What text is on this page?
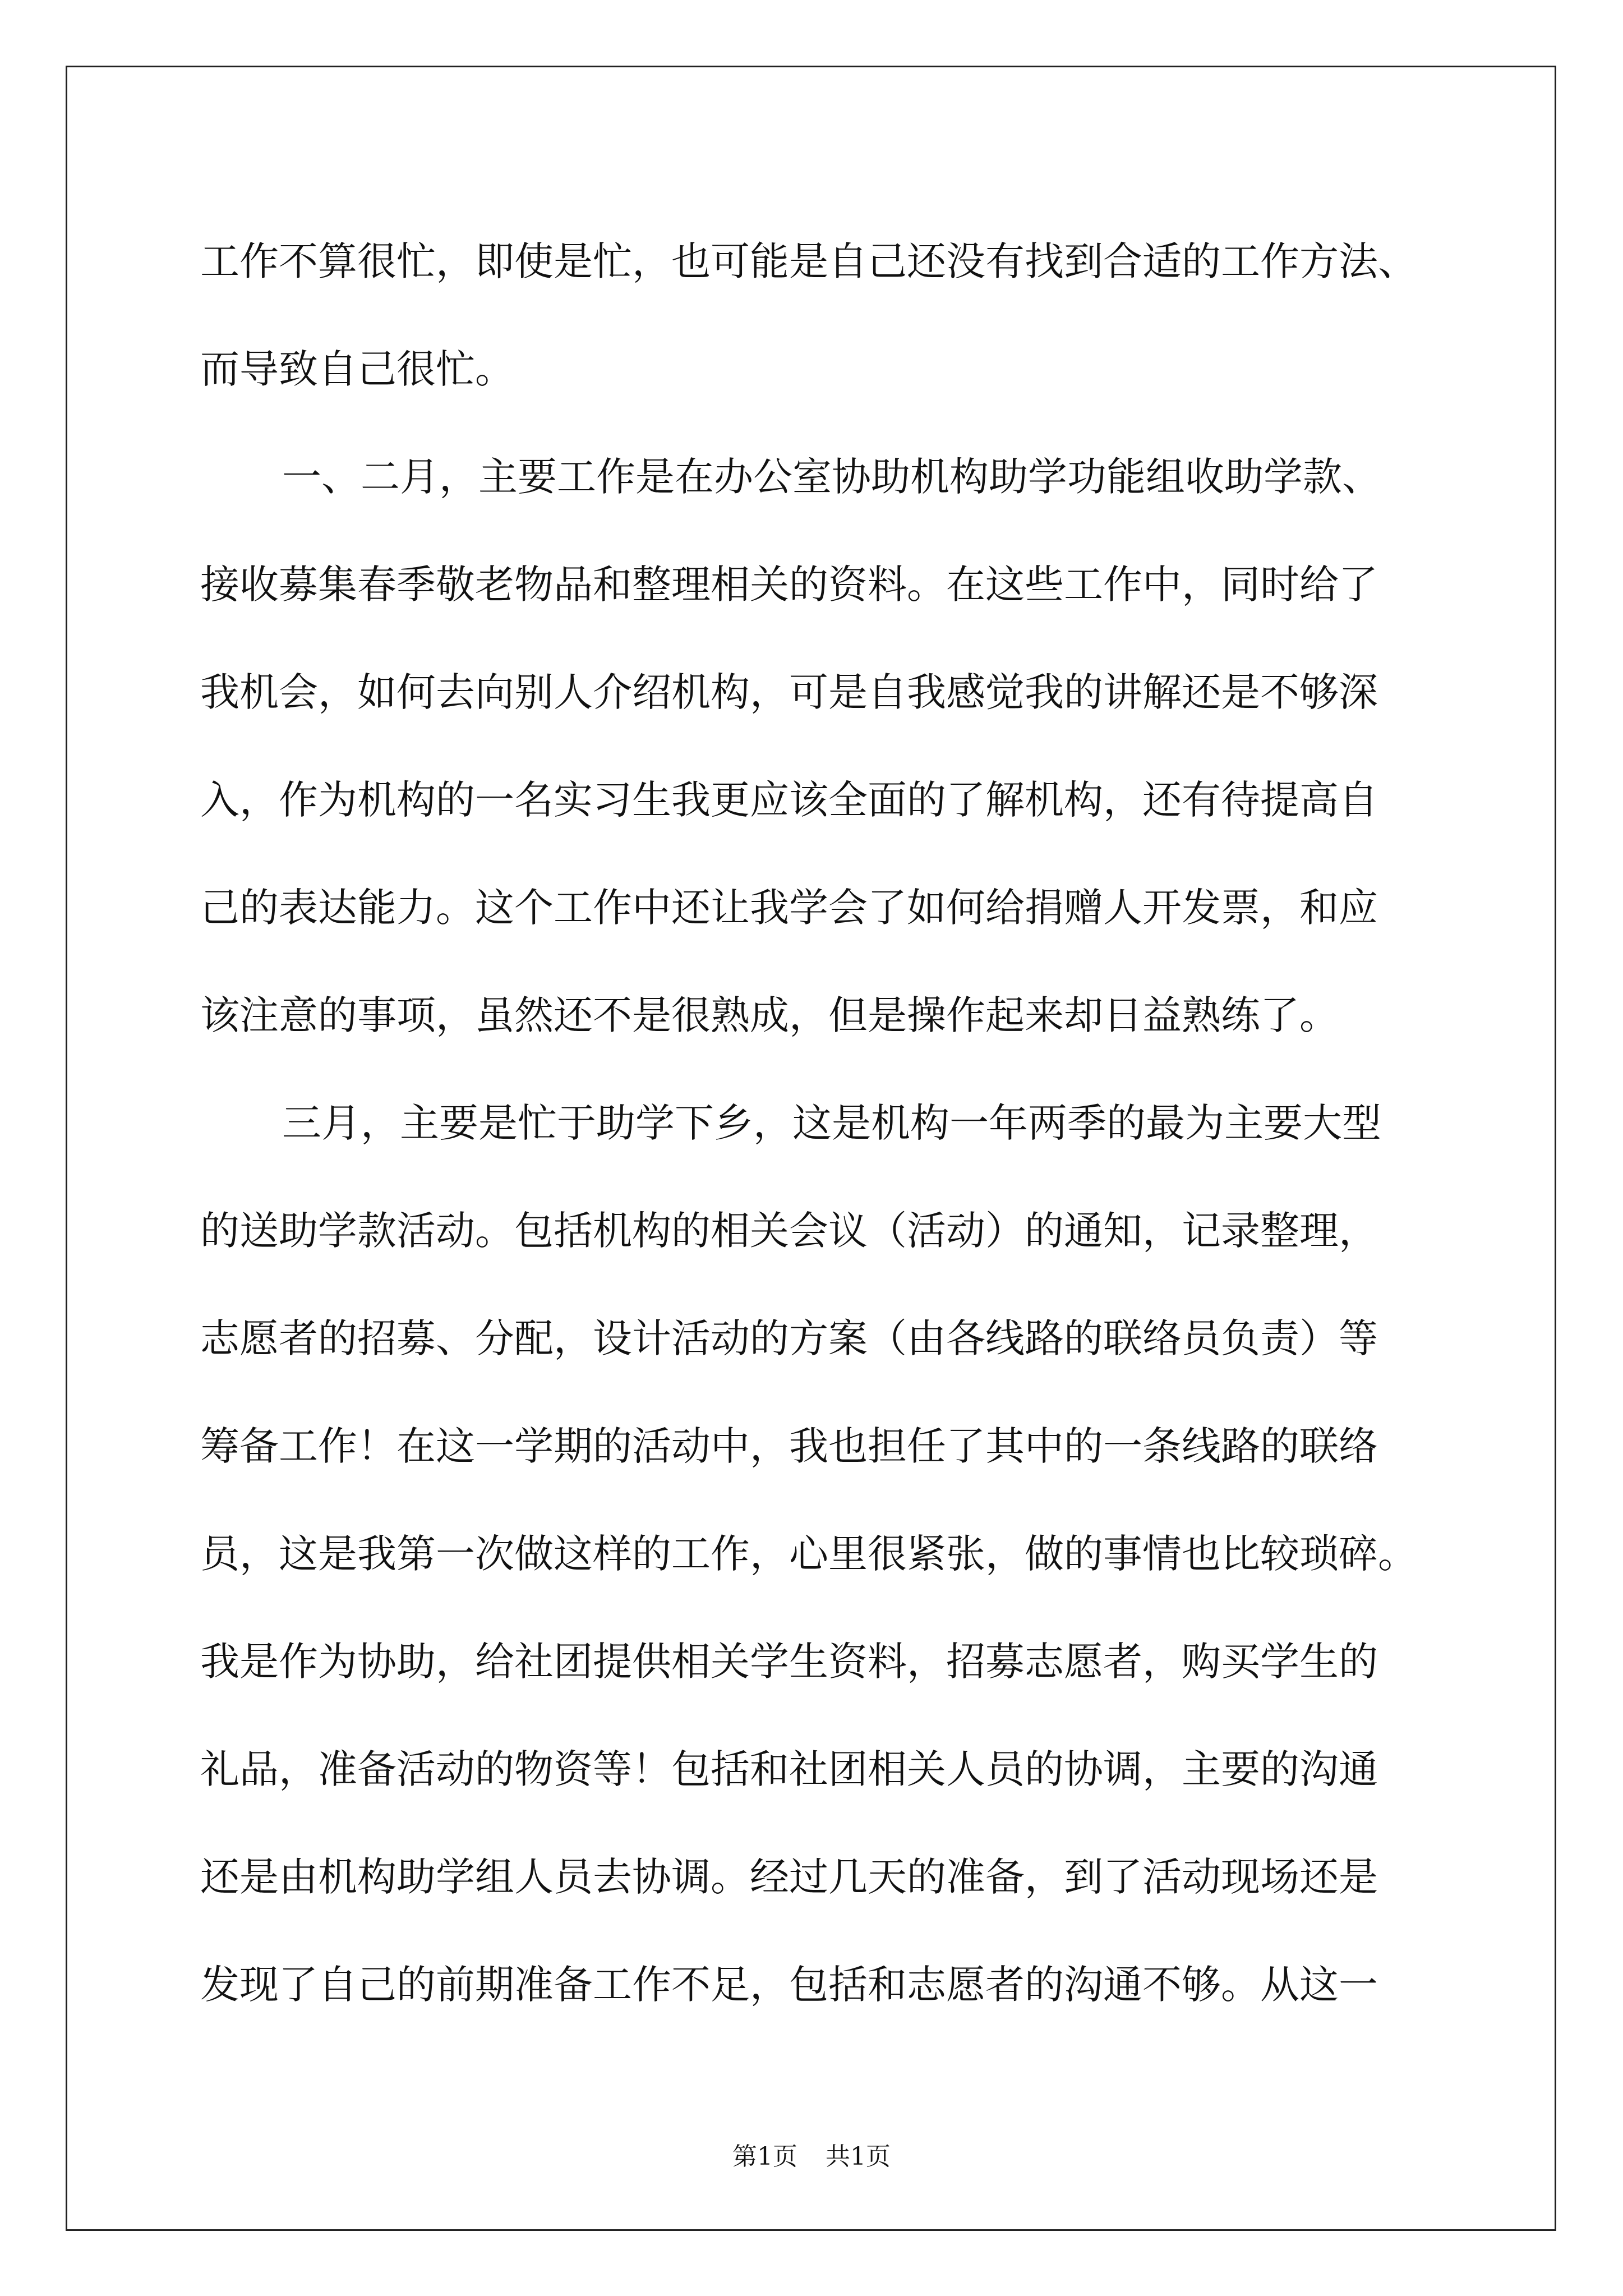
工作不算很忙，即使是忙，也可能是自己还没有找到合适的工作方法、
而导致自己很忙。
一、二月，主要工作是在办公室协助机构助学功能组收助学款、
接收募集春季敬老物品和整理相关的资料。在这些工作中，同时给了
我机会，如何去向别人介绍机构，可是自我感觉我的讲解还是不够深
入，作为机构的一名实习生我更应该全面的了解机构，还有待提高自
己的表达能力。这个工作中还让我学会了如何给捐赠人开发票，和应
该注意的事项，虽然还不是很熟成，但是操作起来却日益熟练了。
三月，主要是忙于助学下乡，这是机构一年两季的最为主要大型
的送助学款活动。包括机构的相关会议（活动）的通知，记录整理，
志愿者的招募、分配，设计活动的方案（由各线路的联络员负责）等
筹备工作！在这一学期的活动中，我也担任了其中的一条线路的联络
员，这是我第一次做这样的工作，心里很紧张，做的事情也比较琐碎。
我是作为协助，给社团提供相关学生资料，招募志愿者，购买学生的
礼品，准备活动的物资等！包括和社团相关人员的协调，主要的沟通
还是由机构助学组人员去协调。经过几天的准备，到了活动现场还是
发现了自己的前期准备工作不足，包括和志愿者的沟通不够。从这一
第1页 共1页
